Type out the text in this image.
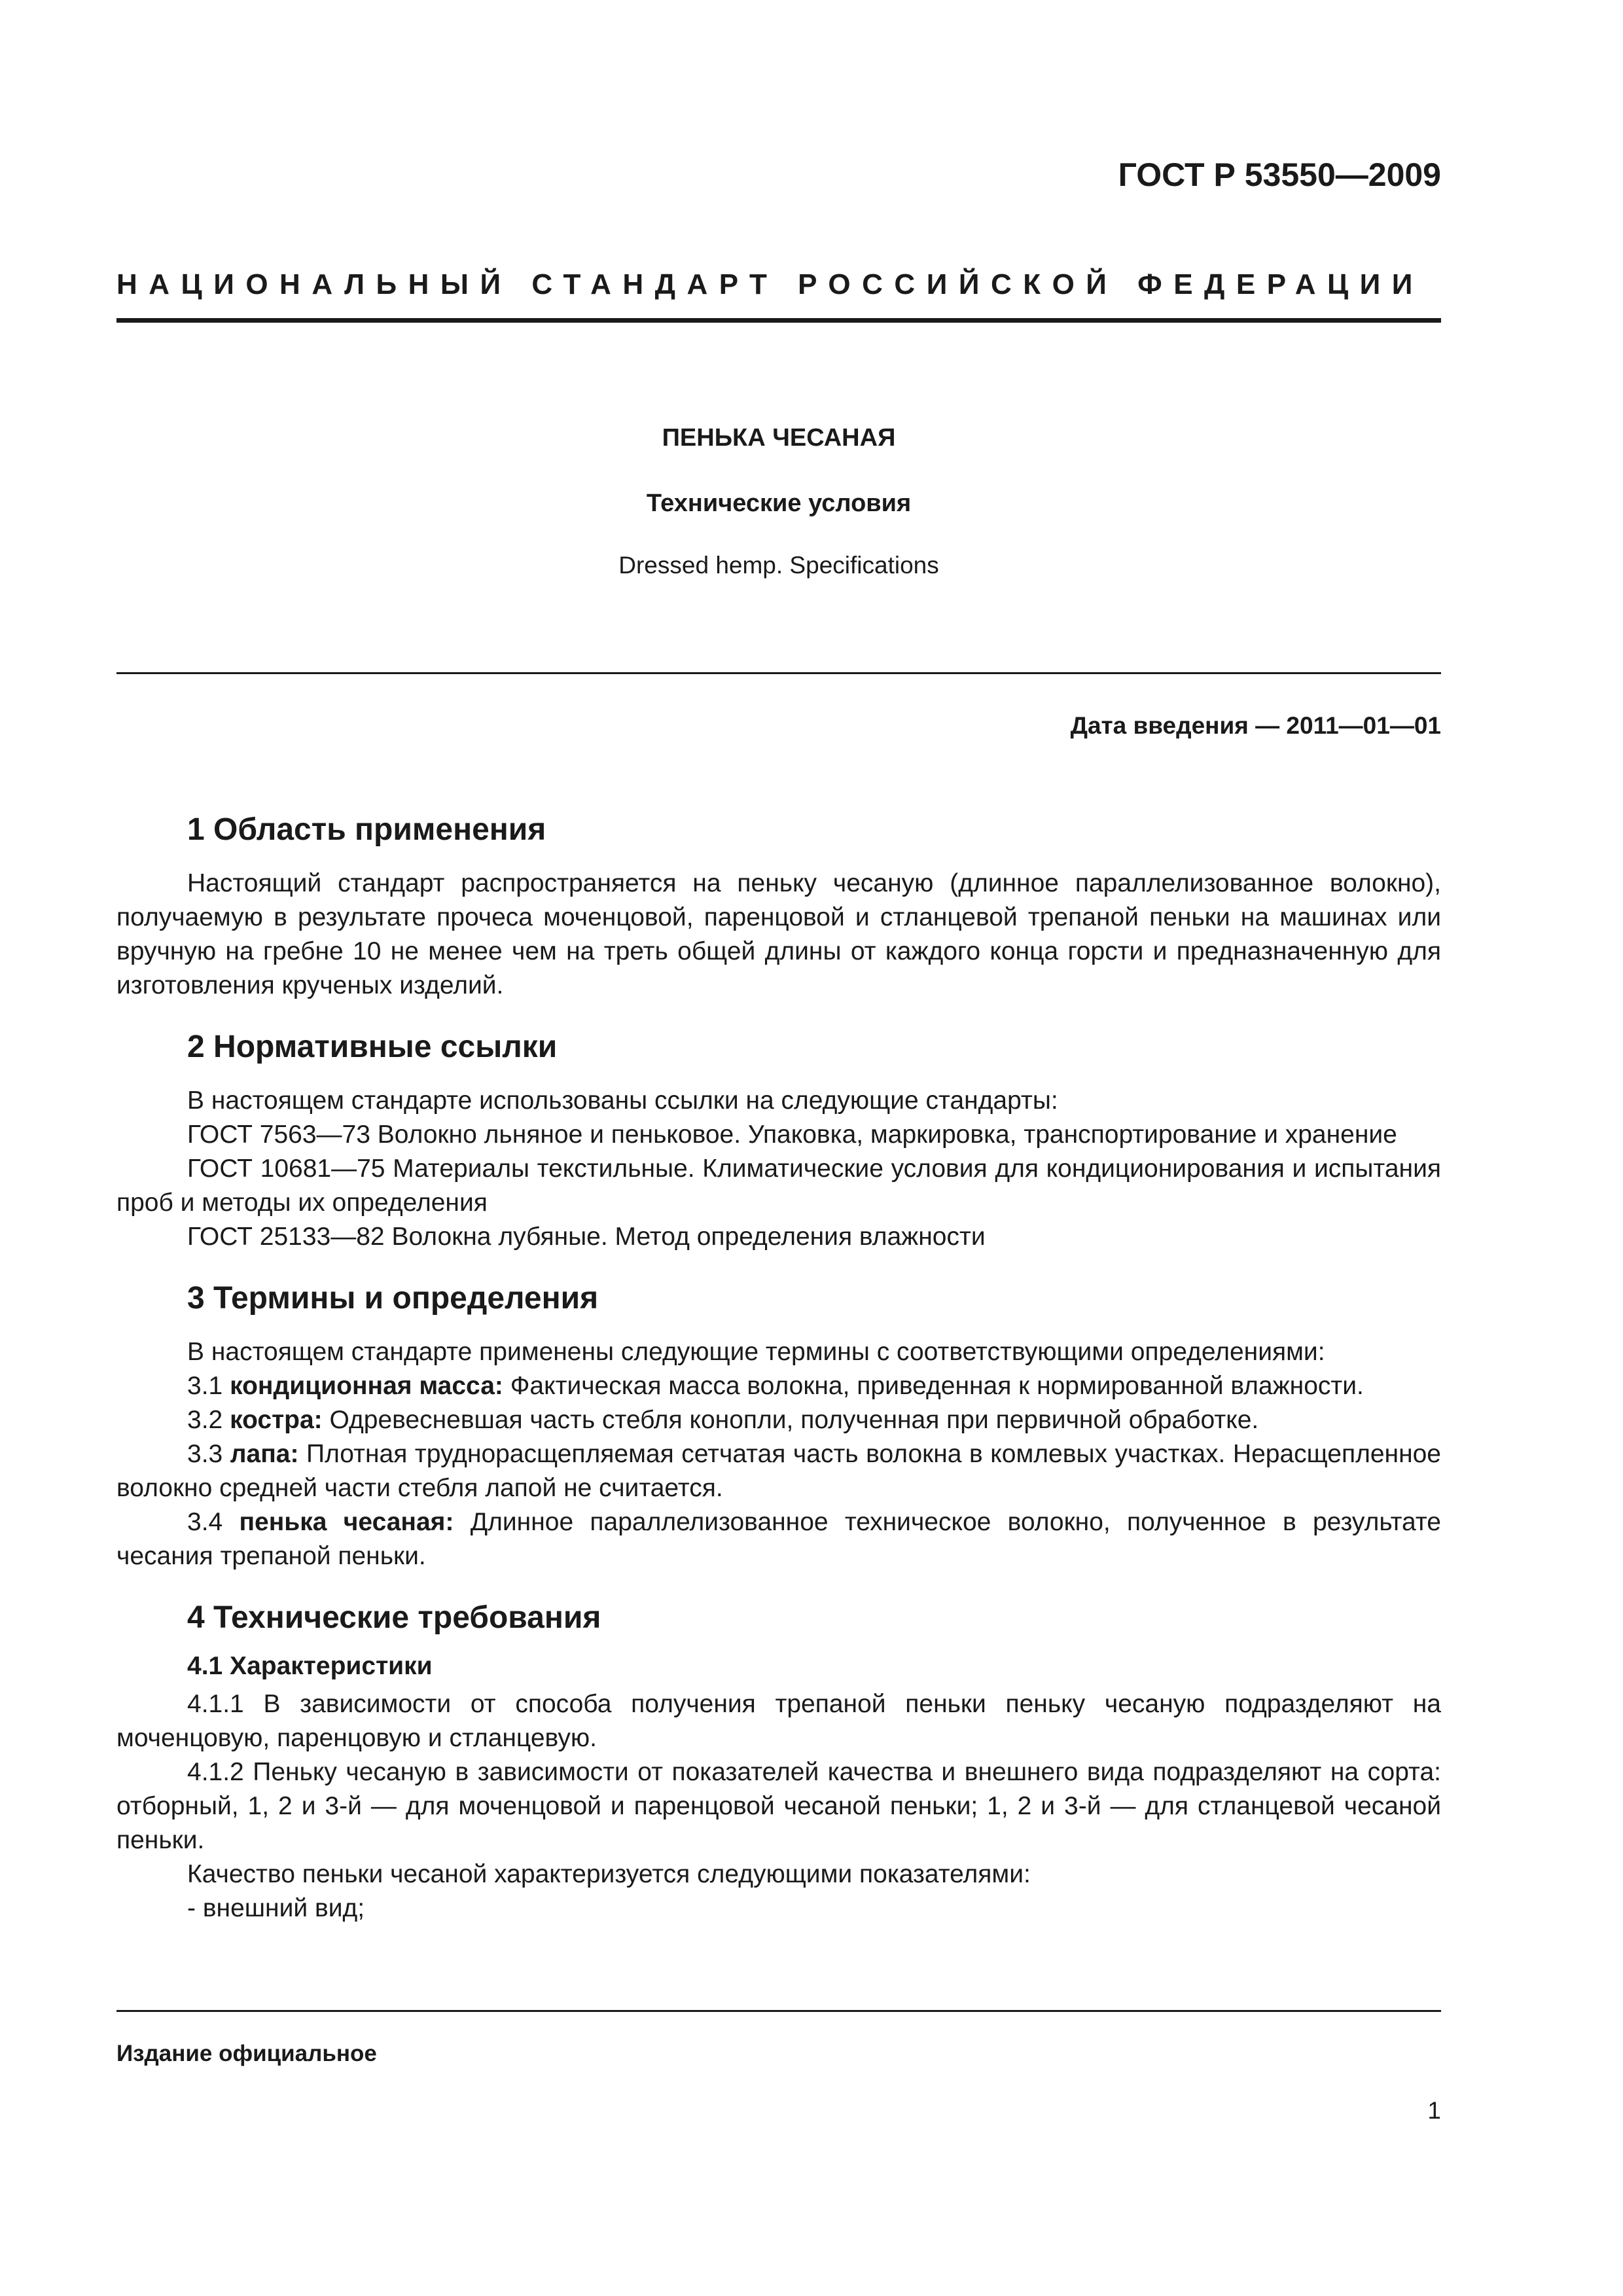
ГОСТ Р 53550—2009
НАЦИОНАЛЬНЫЙ СТАНДАРТ РОССИЙСКОЙ ФЕДЕРАЦИИ
ПЕНЬКА ЧЕСАНАЯ
Технические условия
Dressed hemp. Specifications
Дата введения — 2011—01—01
1 Область применения

Настоящий стандарт распространяется на пеньку чесаную (длинное параллелизованное волокно), получаемую в результате прочеса моченцовой, паренцовой и стланцевой трепаной пеньки на машинах или вручную на гребне 10 не менее чем на треть общей длины от каждого конца горсти и предназначенную для изготовления крученых изделий.

2 Нормативные ссылки

В настоящем стандарте использованы ссылки на следующие стандарты:

ГОСТ 7563—73 Волокно льняное и пеньковое. Упаковка, маркировка, транспортирование и хранение

ГОСТ 10681—75 Материалы текстильные. Климатические условия для кондиционирования и испытания проб и методы их определения

ГОСТ 25133—82 Волокна лубяные. Метод определения влажности

3 Термины и определения

В настоящем стандарте применены следующие термины с соответствующими определениями:

3.1 кондиционная масса: Фактическая масса волокна, приведенная к нормированной влажности.

3.2 костра: Одревесневшая часть стебля конопли, полученная при первичной обработке.

3.3 лапа: Плотная труднорасщепляемая сетчатая часть волокна в комлевых участках. Нерасщепленное волокно средней части стебля лапой не считается.

3.4 пенька чесаная: Длинное параллелизованное техническое волокно, полученное в результате чесания трепаной пеньки.

4 Технические требования
4.1 Характеристики

4.1.1 В зависимости от способа получения трепаной пеньки пеньку чесаную подразделяют на моченцовую, паренцовую и стланцевую.

4.1.2 Пеньку чесаную в зависимости от показателей качества и внешнего вида подразделяют на сорта: отборный, 1, 2 и 3-й — для моченцовой и паренцовой чесаной пеньки; 1, 2 и 3-й — для стланцевой чесаной пеньки.

Качество пеньки чесаной характеризуется следующими показателями:

- внешний вид;

Издание официальное
1
